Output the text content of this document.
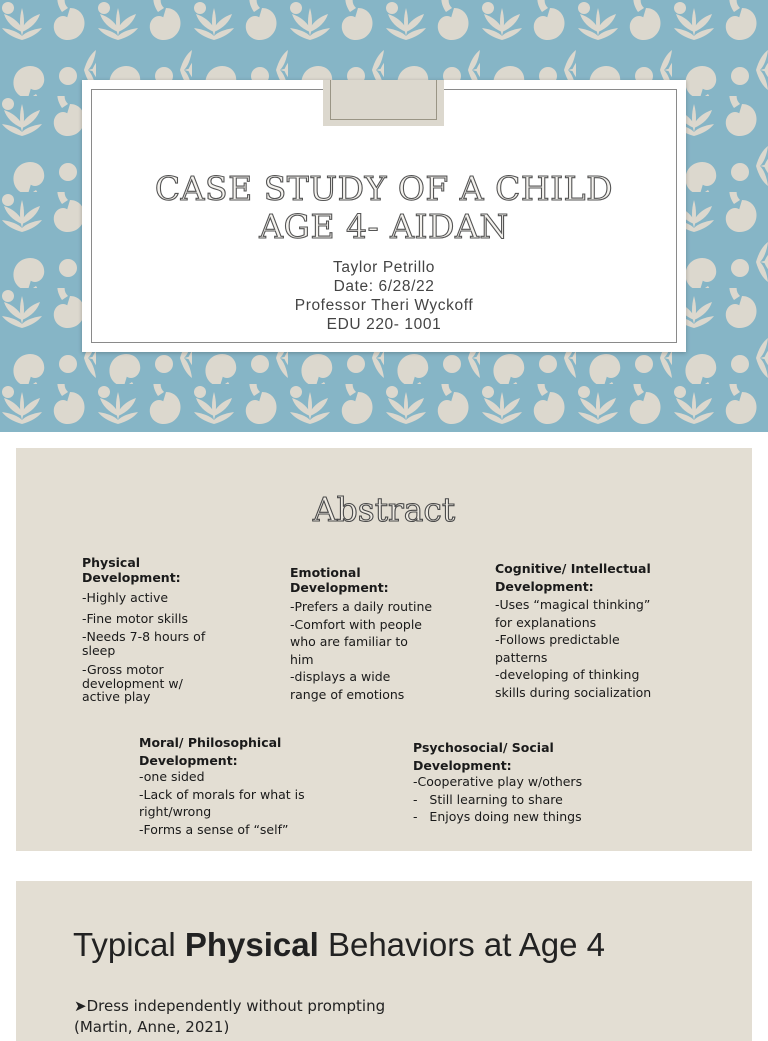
CASE STUDY OF A CHILD
AGE 4- AIDAN
Taylor Petrillo
Date: 6/28/22
Professor Theri Wyckoff
EDU 220- 1001
Abstract
Physical
Development:
-Highly active
-Fine motor skills
-Needs 7-8 hours of sleep
-Gross motor development w/ active play
Emotional
Development:
-Prefers a daily routine
-Comfort with people
who are familiar to
him
-displays a wide
range of emotions
Cognitive/ Intellectual
Development:
-Uses “magical thinking”
for explanations
-Follows predictable
patterns
-developing of thinking
skills during socialization
Moral/ Philosophical
Development:
-one sided
-Lack of morals for what is
right/wrong
-Forms a sense of “self”
Psychosocial/ Social
Development:
-Cooperative play w/others
-   Still learning to share
-   Enjoys doing new things
Typical Physical Behaviors at Age 4
➤Dress independently without prompting
(Martin, Anne, 2021)
